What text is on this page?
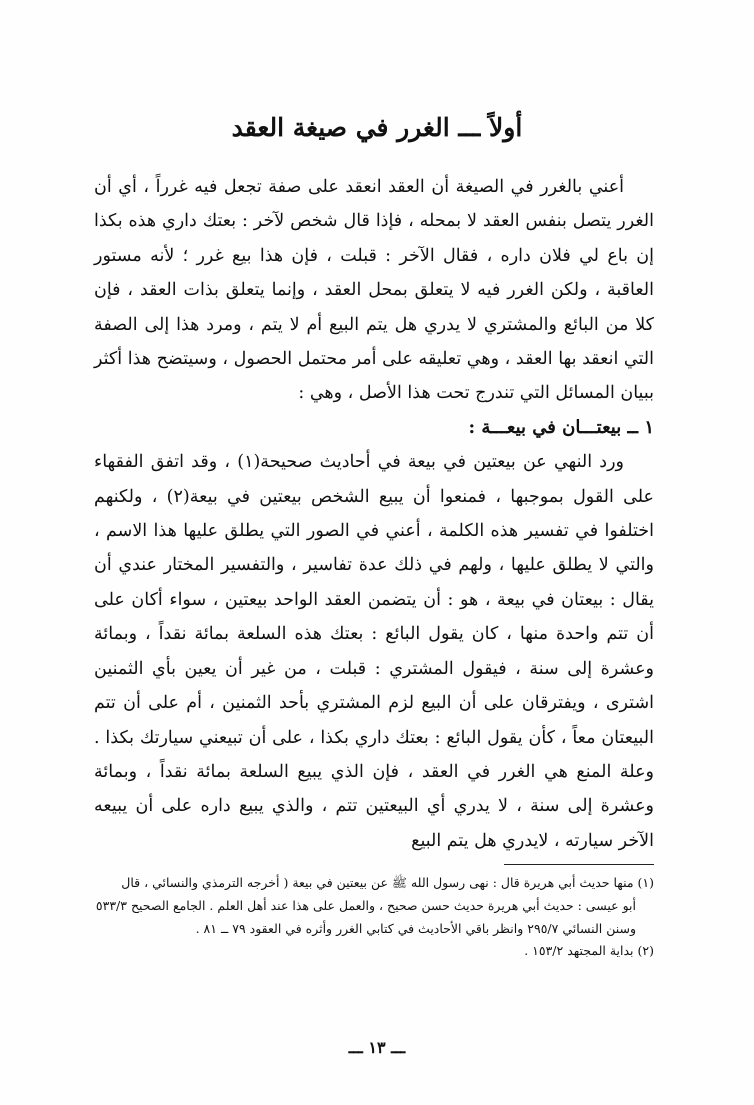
أولاً ـــ الغرر في صيغة العقد

أعني بالغرر في الصيغة أن العقد انعقد على صفة تجعل فيه غرراً ، أي أن الغرر يتصل بنفس العقد لا بمحله ، فإذا قال شخص لآخر : بعتك داري هذه بكذا إن باع لي فلان داره ، فقال الآخر : قبلت ، فإن هذا بيع غرر ؛ لأنه مستور العاقبة ، ولكن الغرر فيه لا يتعلق بمحل العقد ، وإنما يتعلق بذات العقد ، فإن كلا من البائع والمشتري لا يدري هل يتم البيع أم لا يتم ، ومرد هذا إلى الصفة التي انعقد بها العقد ، وهي تعليقه على أمر محتمل الحصول ، وسيتضح هذا أكثر ببيان المسائل التي تندرج تحت هذا الأصل ، وهي :

١ ــ بيعتـــان في بيعـــة :

ورد النهي عن بيعتين في بيعة في أحاديث صحيحة(١) ، وقد اتفق الفقهاء على القول بموجبها ، فمنعوا أن يبيع الشخص بيعتين في بيعة(٢) ، ولكنهم اختلفوا في تفسير هذه الكلمة ، أعني في الصور التي يطلق عليها هذا الاسم ، والتي لا يطلق عليها ، ولهم في ذلك عدة تفاسير ، والتفسير المختار عندي أن يقال : بيعتان في بيعة ، هو : أن يتضمن العقد الواحد بيعتين ، سواء أكان على أن تتم واحدة منها ، كان يقول البائع : بعتك هذه السلعة بمائة نقداً ، وبمائة وعشرة إلى سنة ، فيقول المشتري : قبلت ، من غير أن يعين بأي الثمنين اشترى ، ويفترقان على أن البيع لزم المشتري بأحد الثمنين ، أم على أن تتم البيعتان معاً ، كأن يقول البائع : بعتك داري بكذا ، على أن تبيعني سيارتك بكذا . وعلة المنع هي الغرر في العقد ، فإن الذي يبيع السلعة بمائة نقداً ، وبمائة وعشرة إلى سنة ، لا يدري أي البيعتين تتم ، والذي يبيع داره على أن يبيعه الآخر سيارته ، لايدري هل يتم البيع

(١) منها حديث أبي هريرة قال : نهى رسول الله ﷺ عن بيعتين في بيعة ( أخرجه الترمذي والنسائي ، قال

أبو عيسى : حديث أبي هريرة حديث حسن صحيح ، والعمل على هذا عند أهل العلم . الجامع الصحيح ٥٣٣/٣ وسنن النسائي ٢٩٥/٧ وانظر باقي الأحاديث في كتابي الغرر وأثره في العقود ٧٩ ــ ٨١ .

(٢) بداية المجتهد ١٥٣/٢ .

ـــ ١٣ ـــ
